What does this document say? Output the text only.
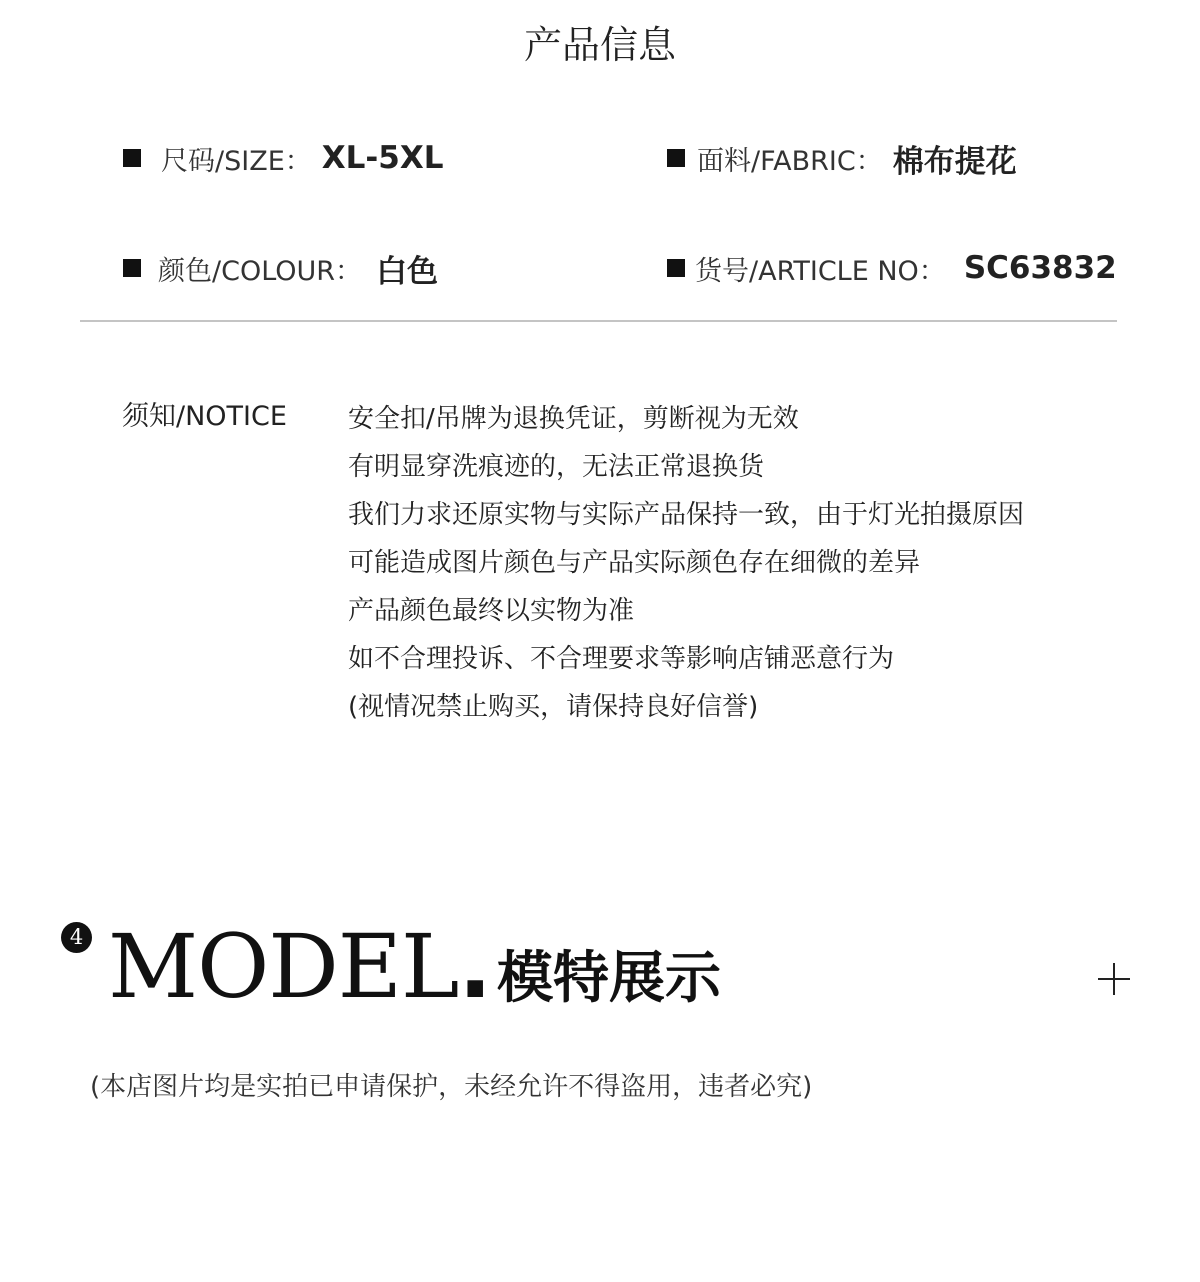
产品信息
尺码/SIZE： XL-5XL	面料/FABRIC： 棉布提花
颜色/COLOUR： 白色	货号/ARTICLE NO： SC63832
须知/NOTICE 安全扣/吊牌为退换凭证，剪断视为无效
有明显穿洗痕迹的，无法正常退换货
我们力求还原实物与实际产品保持一致，由于灯光拍摄原因
可能造成图片颜色与产品实际颜色存在细微的差异
产品颜色最终以实物为准
如不合理投诉、不合理要求等影响店铺恶意行为
(视情况禁止购买，请保持良好信誉)
4 MODEL. 模特展示
(本店图片均是实拍已申请保护，未经允许不得盗用，违者必究)
